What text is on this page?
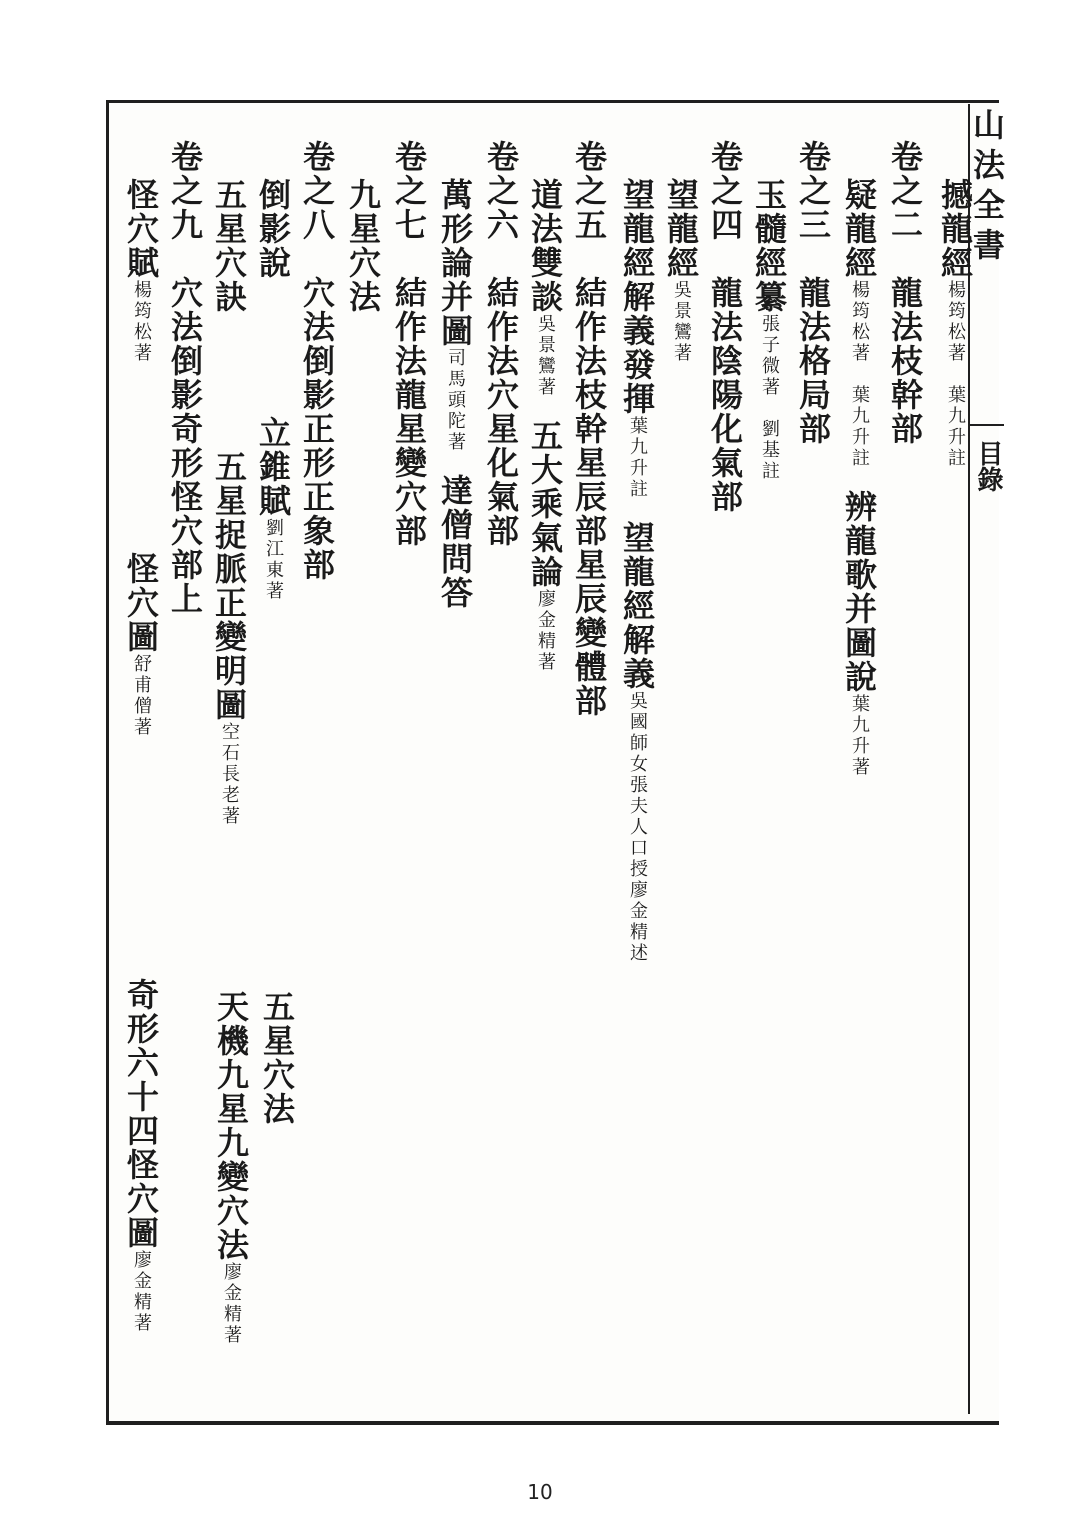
山法全書
目錄
撼龍經楊筠松著　葉九升註　
卷之二　龍法枝幹部
疑龍經楊筠松著　葉九升註　辨龍歌并圖說葉九升著　
卷之三　龍法格局部
玉髓經纂張子微著　劉基註　
卷之四　龍法陰陽化氣部
望龍經吳景鸞著　
望龍經解義發揮葉九升註　望龍經解義吳國師女張夫人口授廖金精述　
卷之五　結作法枝幹星辰部星辰變體部
道法雙談吳景鸞著　五大乘氣論廖金精著　
卷之六　結作法穴星化氣部
萬形論并圖司馬頭陀著　達僧問答
卷之七　結作法龍星變穴部
九星穴法
卷之八　穴法倒影正形正象部
倒影說　　　　立錐賦劉江東著　
五星穴法
五星穴訣　　　　五星捉脈正變明圖空石長老著　
天機九星九變穴法廖金精著　
卷之九　穴法倒影奇形怪穴部上
怪穴賦楊筠松著　
怪穴圖舒甫僧著　
奇形六十四怪穴圖廖金精著　
10
